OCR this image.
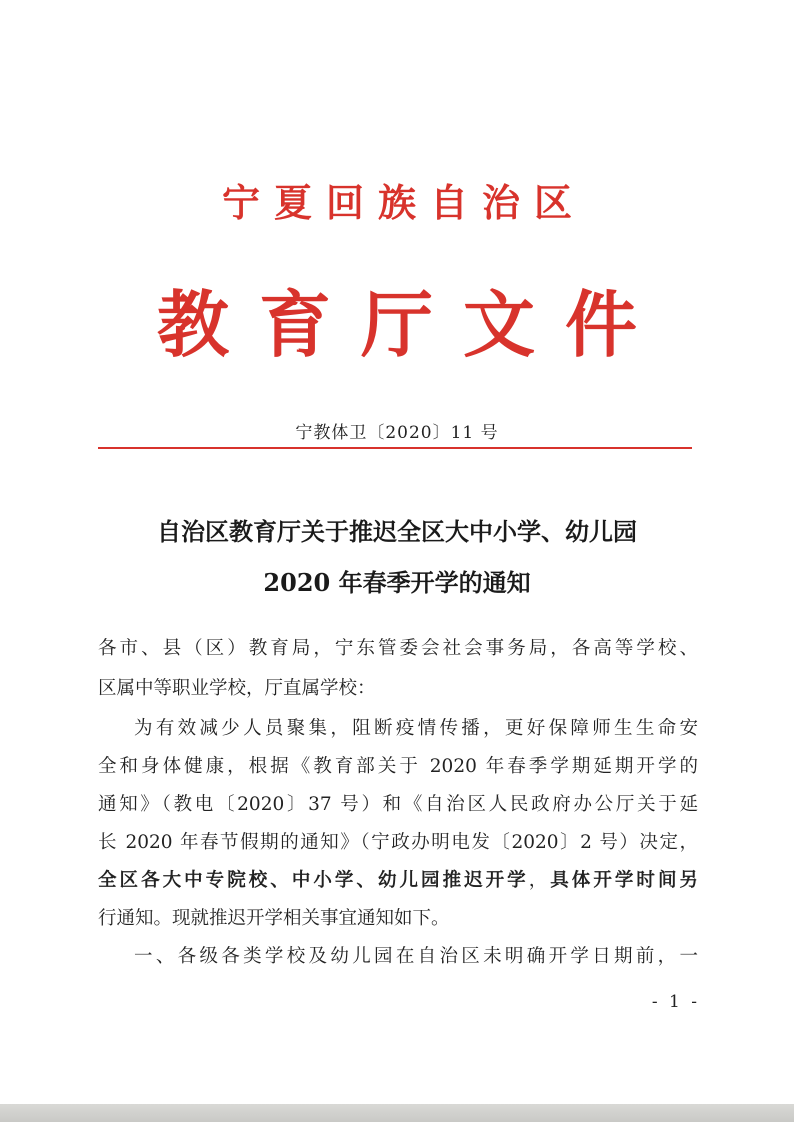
宁夏回族自治区
教育厅文件
宁教体卫〔2020〕11 号
自治区教育厅关于推迟全区大中小学、幼儿园
2020 年春季开学的通知
各市、县（区）教育局，宁东管委会社会事务局，各高等学校、
区属中等职业学校，厅直属学校：
为有效减少人员聚集，阻断疫情传播，更好保障师生生命安
全和身体健康，根据《教育部关于 2020 年春季学期延期开学的
通知》（教电〔2020〕37 号）和《自治区人民政府办公厅关于延
长 2020 年春节假期的通知》（宁政办明电发〔2020〕2 号）决定，
全区各大中专院校、中小学、幼儿园推迟开学，具体开学时间另
行通知。现就推迟开学相关事宜通知如下。
一、各级各类学校及幼儿园在自治区未明确开学日期前，一
- 1 -
